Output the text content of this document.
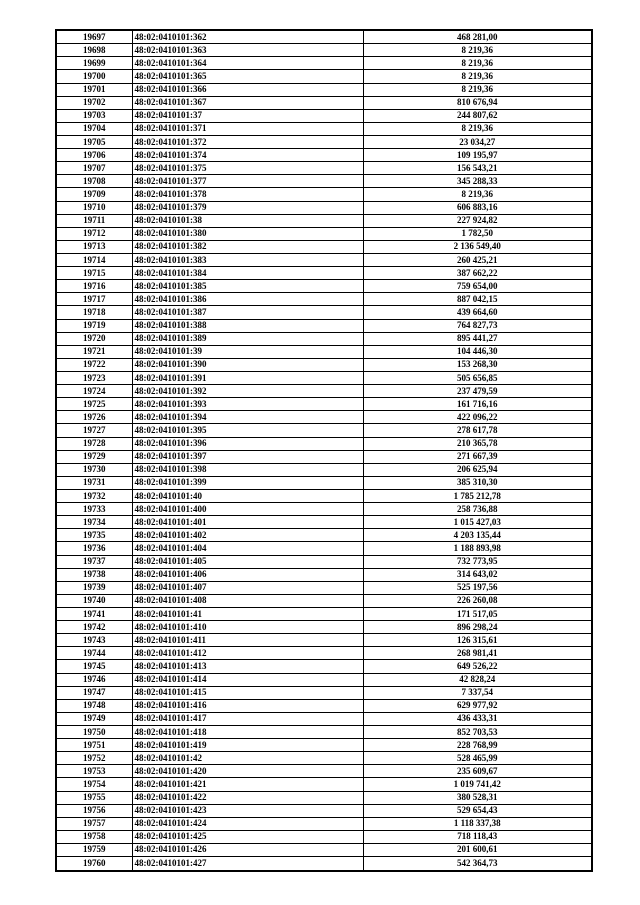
19697	48:02:0410101:362	468 281,00
19698	48:02:0410101:363	8 219,36
19699	48:02:0410101:364	8 219,36
19700	48:02:0410101:365	8 219,36
19701	48:02:0410101:366	8 219,36
19702	48:02:0410101:367	810 676,94
19703	48:02:0410101:37	244 807,62
19704	48:02:0410101:371	8 219,36
19705	48:02:0410101:372	23 034,27
19706	48:02:0410101:374	109 195,97
19707	48:02:0410101:375	156 543,21
19708	48:02:0410101:377	345 288,33
19709	48:02:0410101:378	8 219,36
19710	48:02:0410101:379	606 883,16
19711	48:02:0410101:38	227 924,82
19712	48:02:0410101:380	1 782,50
19713	48:02:0410101:382	2 136 549,40
19714	48:02:0410101:383	260 425,21
19715	48:02:0410101:384	387 662,22
19716	48:02:0410101:385	759 654,00
19717	48:02:0410101:386	887 042,15
19718	48:02:0410101:387	439 664,60
19719	48:02:0410101:388	764 827,73
19720	48:02:0410101:389	895 441,27
19721	48:02:0410101:39	104 446,30
19722	48:02:0410101:390	153 268,30
19723	48:02:0410101:391	505 656,85
19724	48:02:0410101:392	237 479,59
19725	48:02:0410101:393	161 716,16
19726	48:02:0410101:394	422 096,22
19727	48:02:0410101:395	278 617,78
19728	48:02:0410101:396	210 365,78
19729	48:02:0410101:397	271 667,39
19730	48:02:0410101:398	206 625,94
19731	48:02:0410101:399	385 310,30
19732	48:02:0410101:40	1 785 212,78
19733	48:02:0410101:400	258 736,88
19734	48:02:0410101:401	1 015 427,03
19735	48:02:0410101:402	4 203 135,44
19736	48:02:0410101:404	1 188 893,98
19737	48:02:0410101:405	732 773,95
19738	48:02:0410101:406	314 643,02
19739	48:02:0410101:407	525 197,56
19740	48:02:0410101:408	226 260,08
19741	48:02:0410101:41	171 517,05
19742	48:02:0410101:410	896 298,24
19743	48:02:0410101:411	126 315,61
19744	48:02:0410101:412	268 981,41
19745	48:02:0410101:413	649 526,22
19746	48:02:0410101:414	42 828,24
19747	48:02:0410101:415	7 337,54
19748	48:02:0410101:416	629 977,92
19749	48:02:0410101:417	436 433,31
19750	48:02:0410101:418	852 703,53
19751	48:02:0410101:419	228 768,99
19752	48:02:0410101:42	528 465,99
19753	48:02:0410101:420	235 609,67
19754	48:02:0410101:421	1 019 741,42
19755	48:02:0410101:422	380 528,31
19756	48:02:0410101:423	529 654,43
19757	48:02:0410101:424	1 118 337,38
19758	48:02:0410101:425	718 118,43
19759	48:02:0410101:426	201 600,61
19760	48:02:0410101:427	542 364,73
